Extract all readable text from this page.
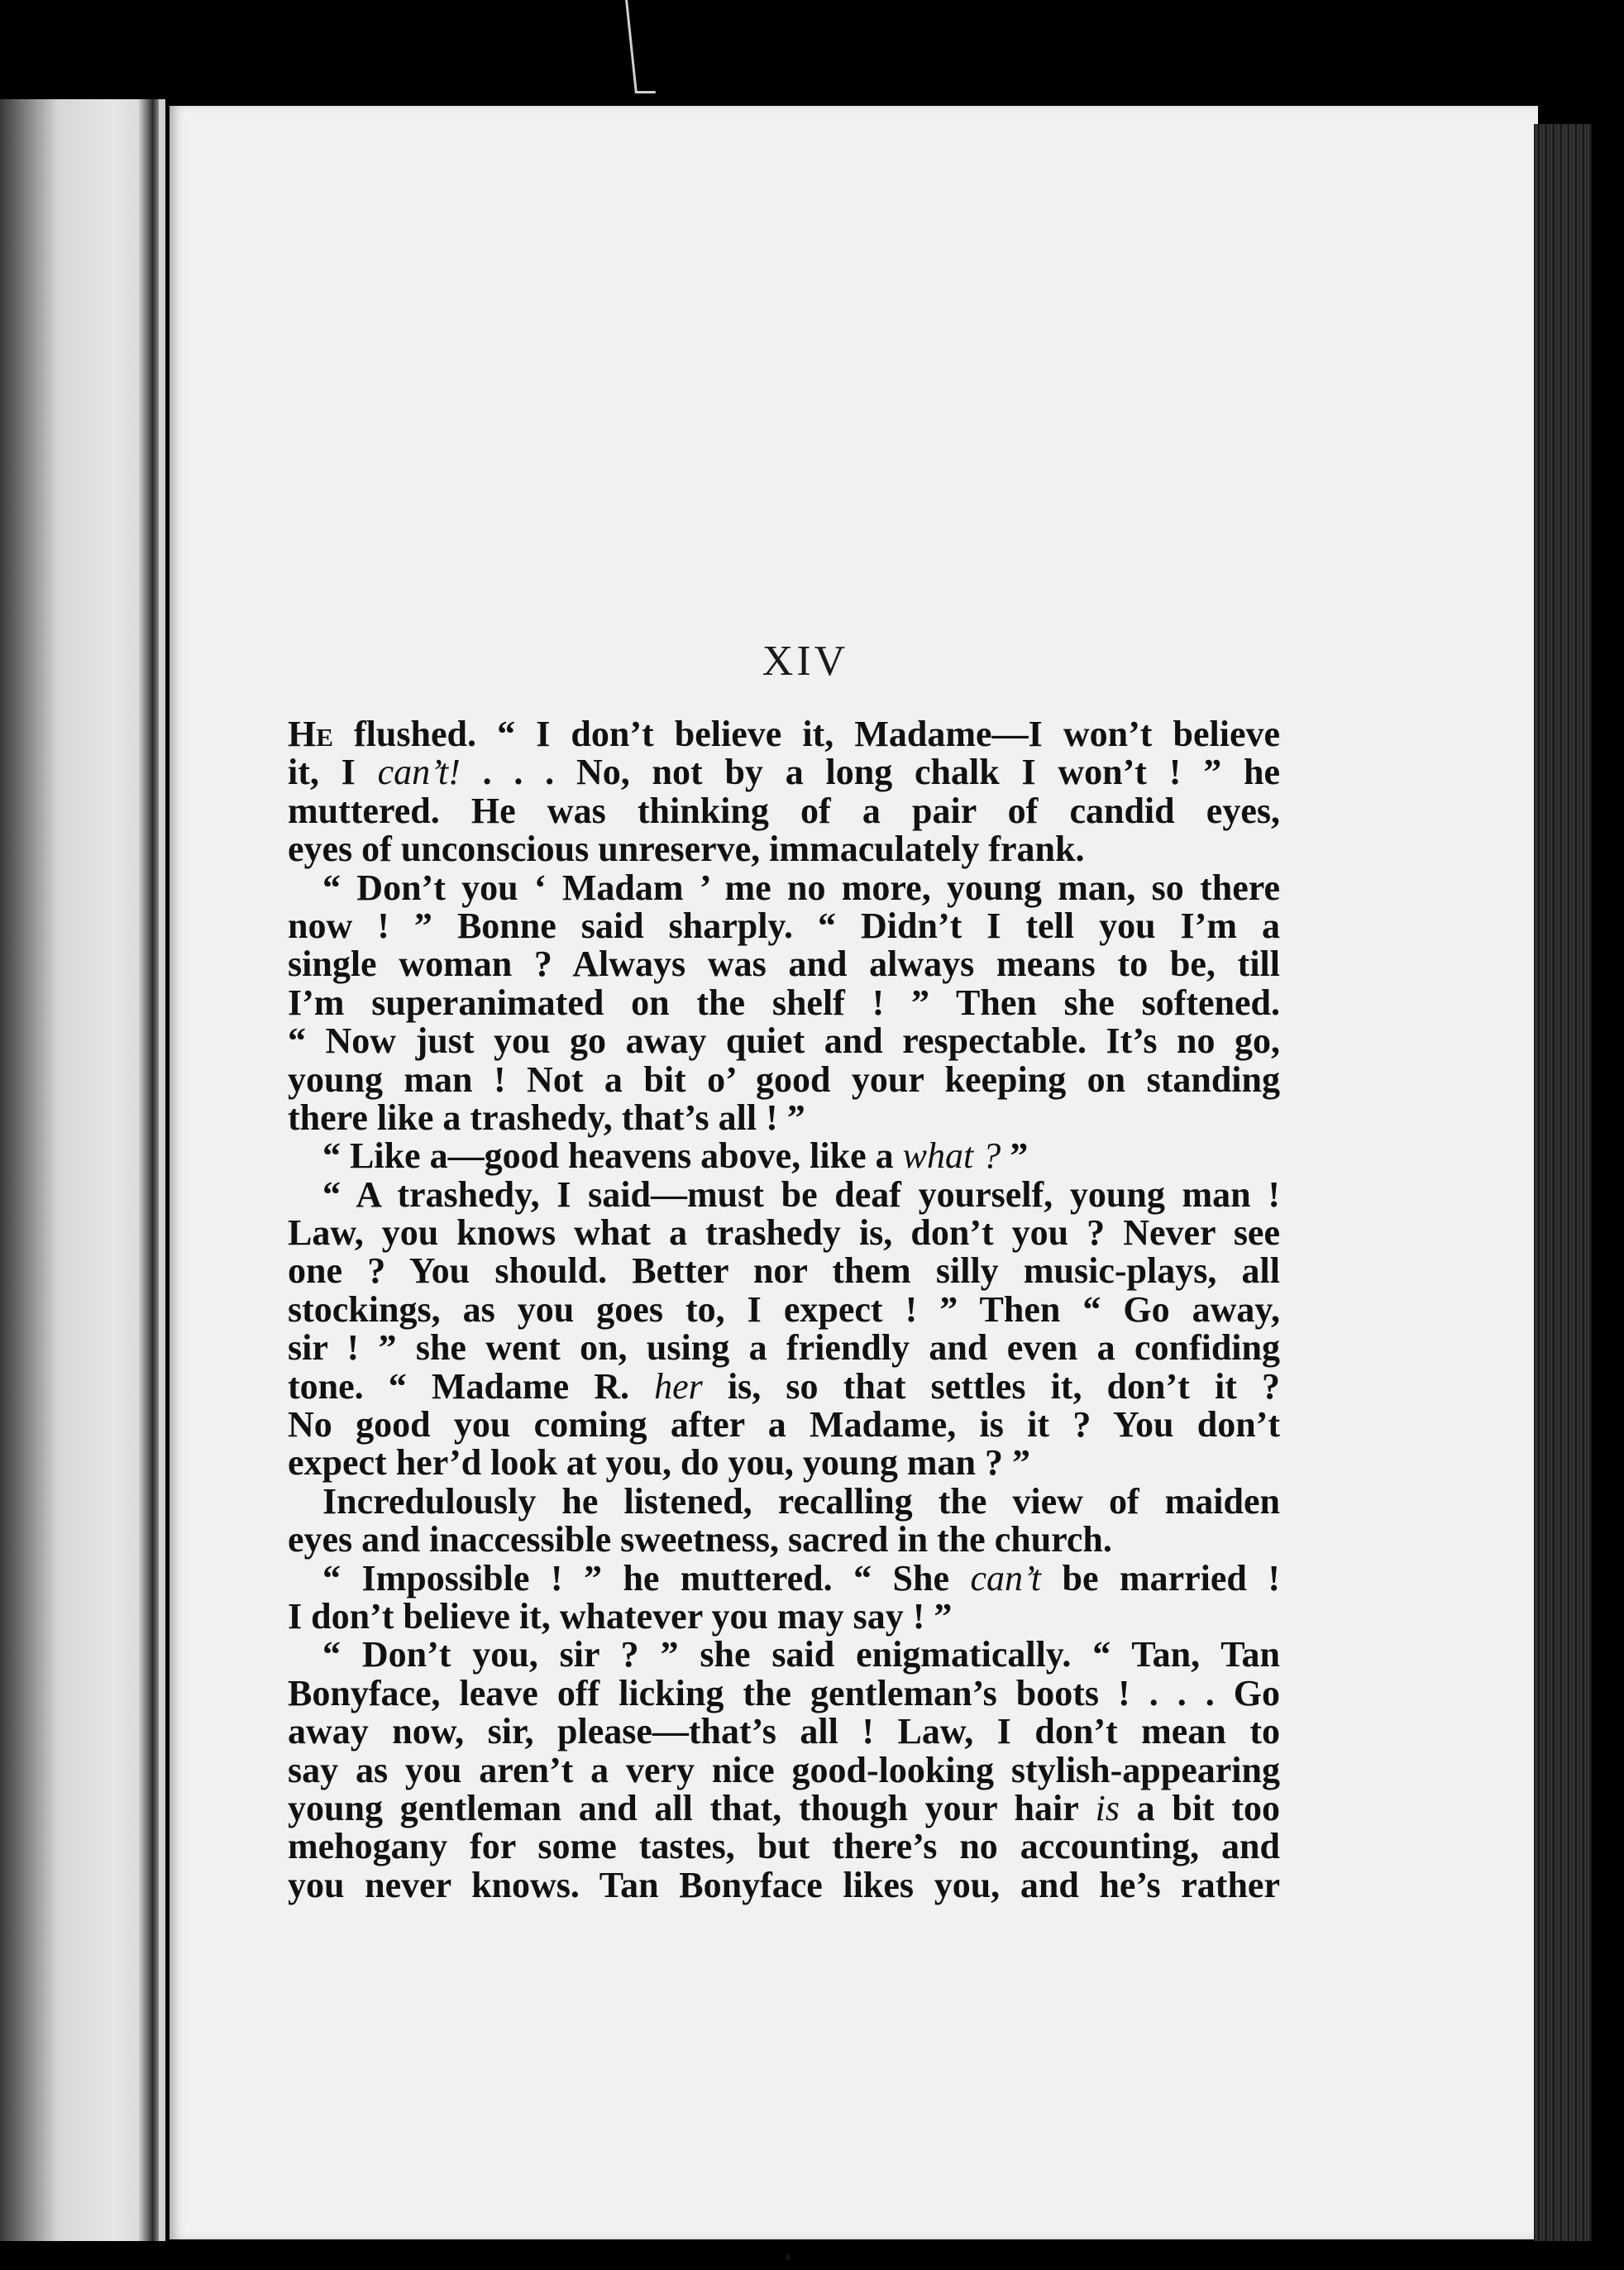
XIV
He flushed. “ I don’t believe it, Madame—I won’t believe
it, I can’t! . . . No, not by a long chalk I won’t ! ” he
muttered. He was thinking of a pair of candid eyes,
eyes of unconscious unreserve, immaculately frank.
“ Don’t you ‘ Madam ’ me no more, young man, so there
now ! ” Bonne said sharply. “ Didn’t I tell you I’m a
single woman ? Always was and always means to be, till
I’m superanimated on the shelf ! ” Then she softened.
“ Now just you go away quiet and respectable. It’s no go,
young man ! Not a bit o’ good your keeping on standing
there like a trashedy, that’s all ! ”
“ Like a—good heavens above, like a what ? ”
“ A trashedy, I said—must be deaf yourself, young man !
Law, you knows what a trashedy is, don’t you ? Never see
one ? You should. Better nor them silly music-plays, all
stockings, as you goes to, I expect ! ” Then “ Go away,
sir ! ” she went on, using a friendly and even a confiding
tone. “ Madame R. her is, so that settles it, don’t it ?
No good you coming after a Madame, is it ? You don’t
expect her’d look at you, do you, young man ? ”
Incredulously he listened, recalling the view of maiden
eyes and inaccessible sweetness, sacred in the church.
“ Impossible ! ” he muttered. “ She can’t be married !
I don’t believe it, whatever you may say ! ”
“ Don’t you, sir ? ” she said enigmatically. “ Tan, Tan
Bonyface, leave off licking the gentleman’s boots ! . . . Go
away now, sir, please—that’s all ! Law, I don’t mean to
say as you aren’t a very nice good-looking stylish-appearing
young gentleman and all that, though your hair is a bit too
mehogany for some tastes, but there’s no accounting, and
you never knows. Tan Bonyface likes you, and he’s rather
